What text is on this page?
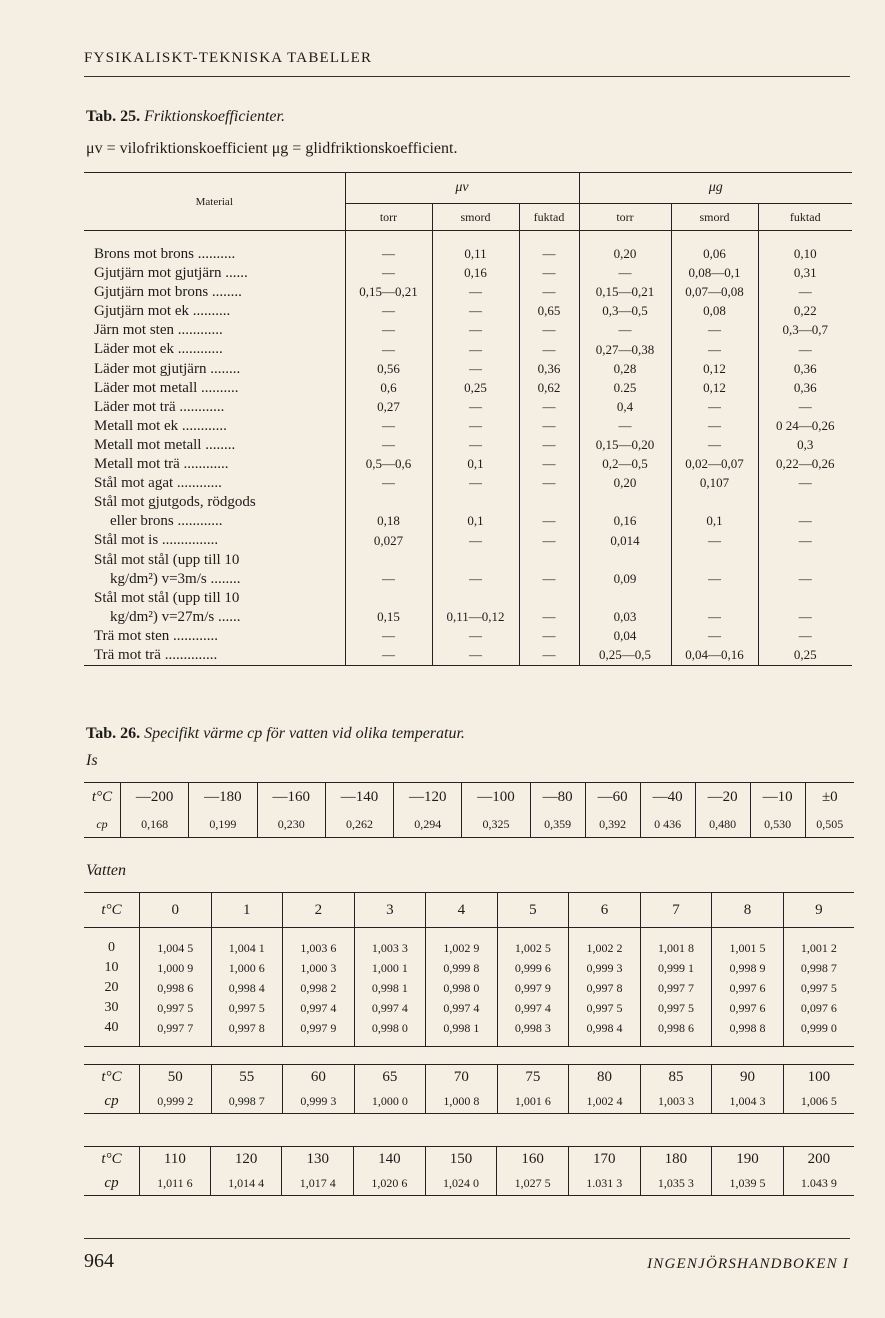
FYSIKALISKT-TEKNISKA TABELLER
Tab. 25. Friktionskoefficienter.
μv = vilofriktionskoefficient μg = glidfriktionskoefficient.
Material	μv			μg		
	torr	smord	fuktad	torr	smord	fuktad

Brons mot brons ..........	—	0,11	—	0,20	0,06	0,10

Gjutjärn mot gjutjärn ......	—	0,16	—	—	0,08—0,1	0,31

Gjutjärn mot brons ........	0,15—0,21	—	—	0,15—0,21	0,07—0,08	—

Gjutjärn mot ek ..........	—	—	0,65	0,3—0,5	0,08	0,22

Järn mot sten ............	—	—	—	—	—	0,3—0,7

Läder mot ek ............	—	—	—	0,27—0,38	—	—

Läder mot gjutjärn ........	0,56	—	0,36	0,28	0,12	0,36

Läder mot metall ..........	0,6	0,25	0,62	0.25	0,12	0,36

Läder mot trä ............	0,27	—	—	0,4	—	—

Metall mot ek ............	—	—	—	—	—	0 24—0,26

Metall mot metall ........	—	—	—	0,15—0,20	—	0,3

Metall mot trä ............	0,5—0,6	0,1	—	0,2—0,5	0,02—0,07	0,22—0,26

Stål mot agat ............	—	—	—	0,20	0,107	—

Stål mot gjutgods, rödgods
eller brons ............	0,18	0,1	—	0,16	0,1	—

Stål mot is ...............	0,027	—	—	0,014	—	—

Stål mot stål (upp till 10
kg/dm²) v=3m/s ........	—	—	—	0,09	—	—

Stål mot stål (upp till 10
kg/dm²) v=27m/s ......	0,15	0,11—0,12	—	0,03	—	—

Trä mot sten ............	—	—	—	0,04	—	—

Trä mot trä ..............	—	—	—	0,25—0,5	0,04—0,16	0,25
Tab. 26. Specifikt värme cp för vatten vid olika temperatur.
Is
t°C	—200	—180	—160	—140	—120	—100	—80	—60	—40	—20	—10	±0
cp	0,168	0,199	0,230	0,262	0,294	0,325	0,359	0,392	0 436	0,480	0,530	0,505
Vatten
t°C	0	1	2	3	4	5	6	7	8	9

0	1,004 5	1,004 1	1,003 6	1,003 3	1,002 9	1,002 5	1,002 2	1,001 8	1,001 5	1,001 2
10	1,000 9	1,000 6	1,000 3	1,000 1	0,999 8	0,999 6	0,999 3	0,999 1	0,998 9	0,998 7
20	0,998 6	0,998 4	0,998 2	0,998 1	0,998 0	0,997 9	0,997 8	0,997 7	0,997 6	0,997 5
30	0,997 5	0,997 5	0,997 4	0,997 4	0,997 4	0,997 4	0,997 5	0,997 5	0,997 6	0,097 6
40	0,997 7	0,997 8	0,997 9	0,998 0	0,998 1	0,998 3	0,998 4	0,998 6	0,998 8	0,999 0

t°C	50	55	60	65	70	75	80	85	90	100
cp	0,999 2	0,998 7	0,999 3	1,000 0	1,000 8	1,001 6	1,002 4	1,003 3	1,004 3	1,006 5
t°C	110	120	130	140	150	160	170	180	190	200
cp	1,011 6	1,014 4	1,017 4	1,020 6	1,024 0	1,027 5	1.031 3	1,035 3	1,039 5	1.043 9
964	INGENJÖRSHANDBOKEN I
